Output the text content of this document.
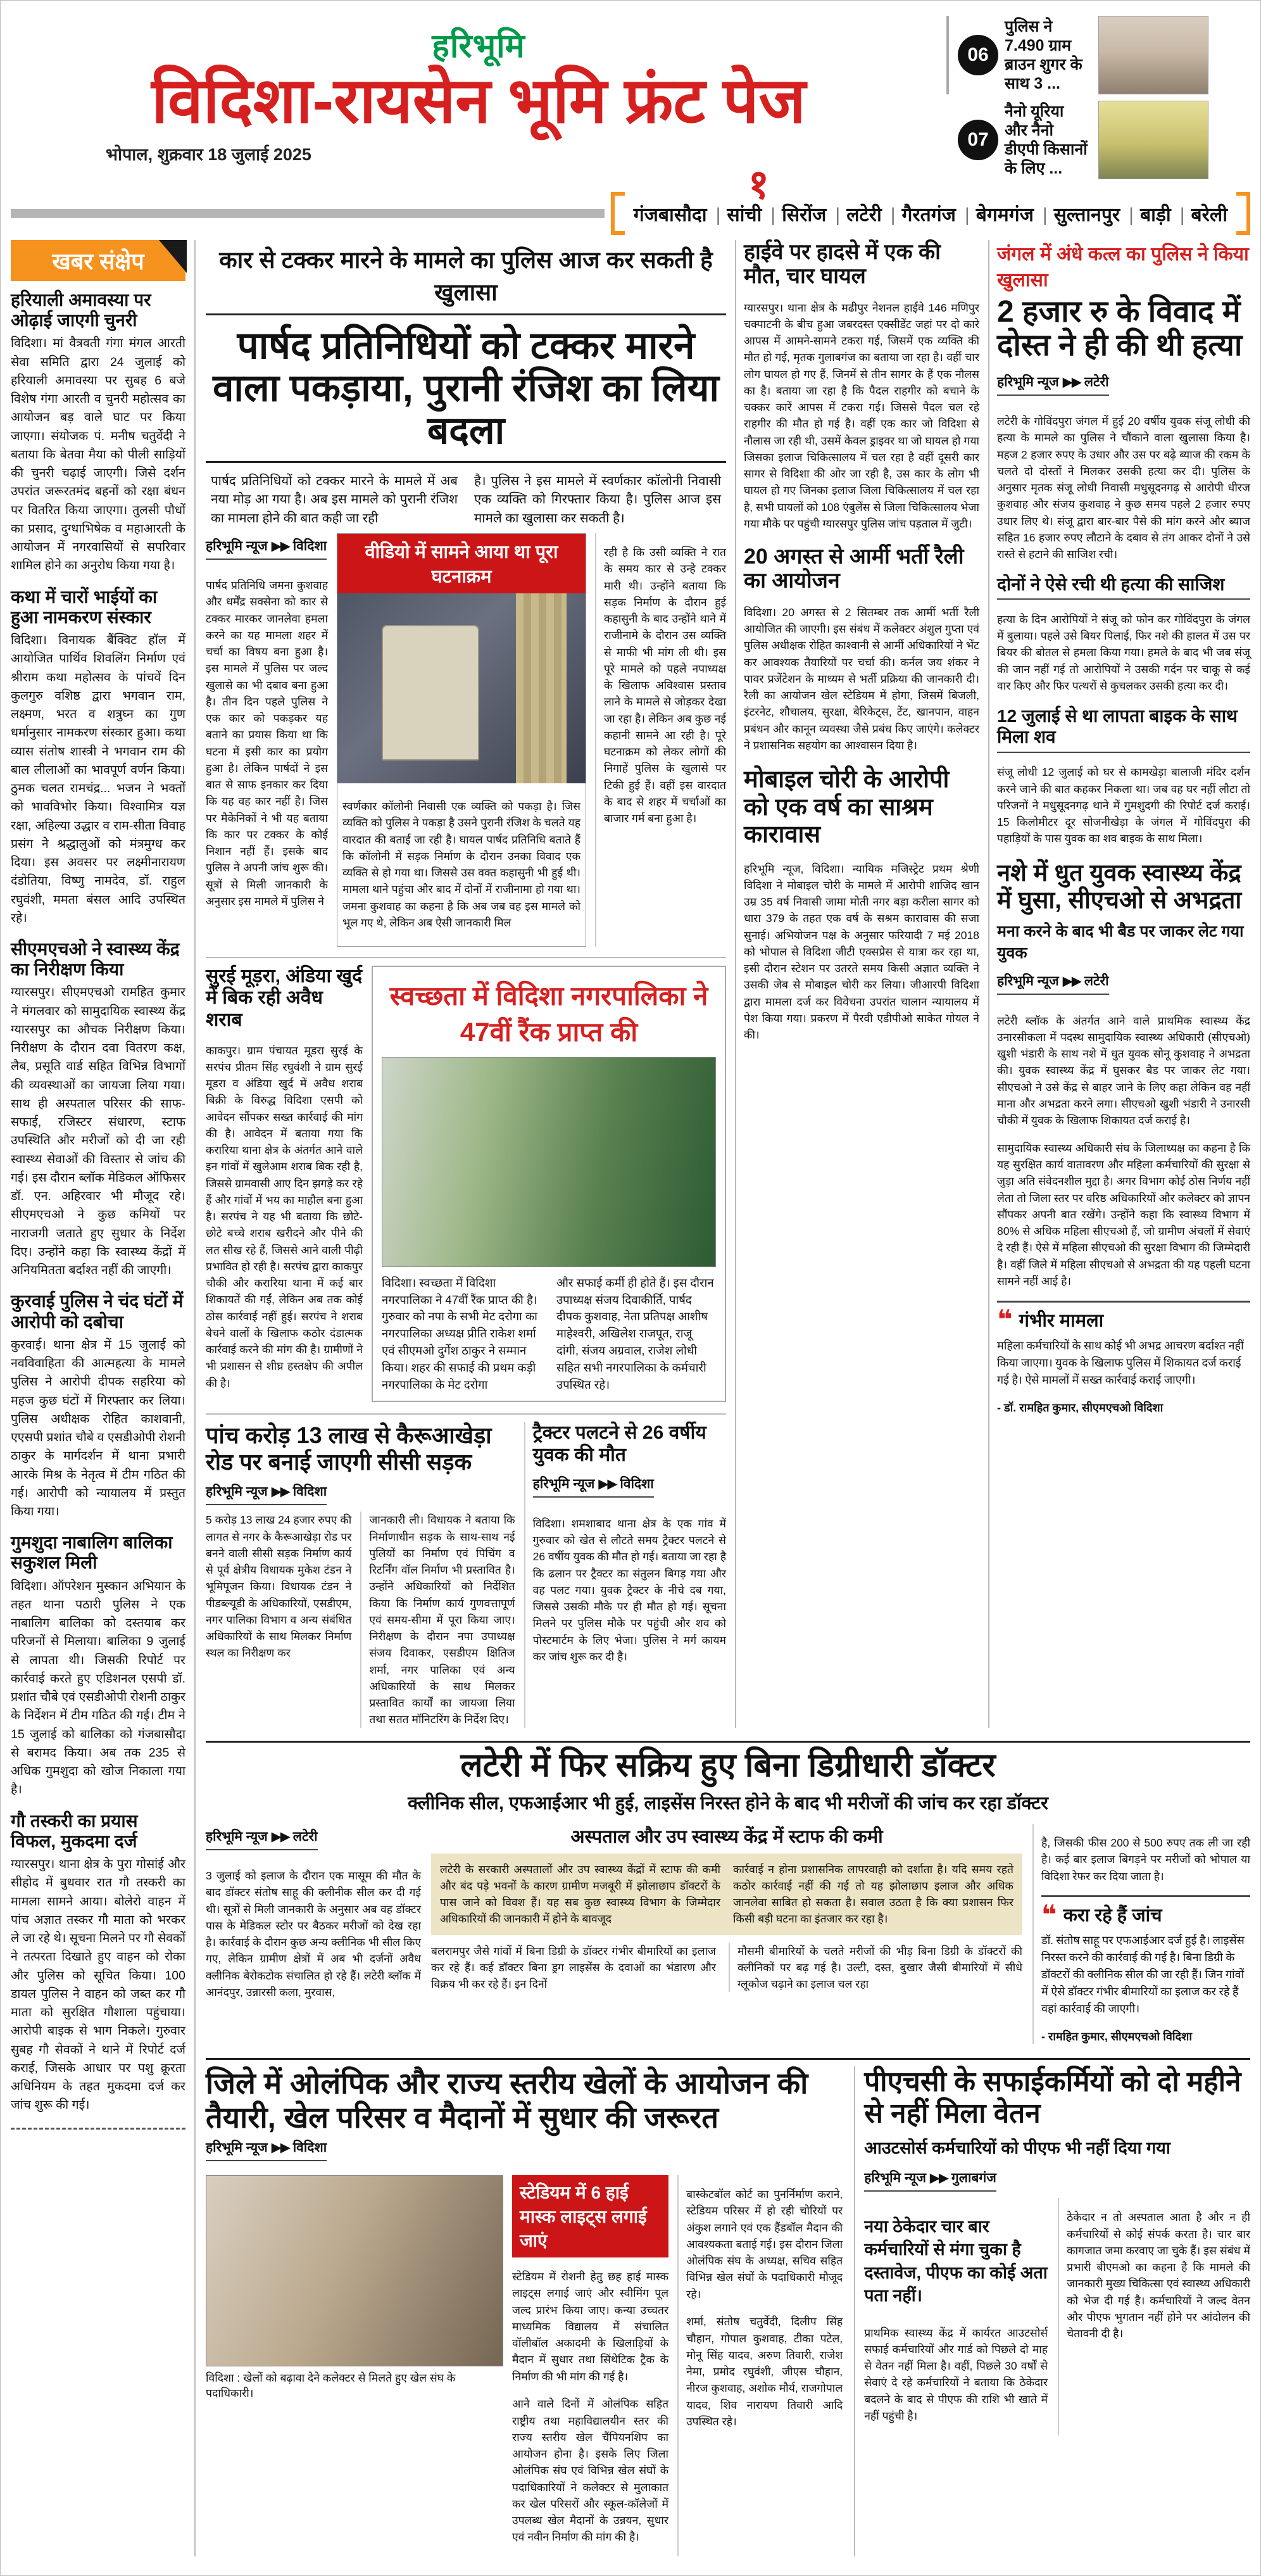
हरिभूमि
विदिशा-रायसेन भूमि फ्रंट पेज
भोपाल, शुक्रवार 18 जुलाई 2025
06
पुलिस ने 7.490 ग्राम ब्राउन शुगर के साथ 3 ...
07
नैनो यूरिया और नैनो डीएपी किसानों के लिए ...
१
गंजबासौदा	| सांची	| सिरोंज	| लटेरी	| गैरतगंज	| बेगमगंज	| सुल्तानपुर	| बाड़ी	| बरेली
खबर संक्षेप
हरियाली अमावस्या पर ओढ़ाई जाएगी चुनरी
विदिशा। मां वैत्रवती गंगा मंगल आरती सेवा समिति द्वारा 24 जुलाई को हरियाली अमावस्या पर सुबह 6 बजे विशेष गंगा आरती व चुनरी महोत्सव का आयोजन बड़ वाले घाट पर किया जाएगा। संयोजक पं. मनीष चतुर्वेदी ने बताया कि बेतवा मैया को पीली साड़ियों की चुनरी चढ़ाई जाएगी। जिसे दर्शन उपरांत जरूरतमंद बहनों को रक्षा बंधन पर वितरित किया जाएगा। तुलसी पौधों का प्रसाद, दुग्धाभिषेक व महाआरती के आयोजन में नगरवासियों से सपरिवार शामिल होने का अनुरोध किया गया है।
कथा में चारों भाईयों का हुआ नामकरण संस्कार
विदिशा। विनायक बैंक्विट हॉल में आयोजित पार्थिव शिवलिंग निर्माण एवं श्रीराम कथा महोत्सव के पांचवें दिन कुलगुरु वशिष्ठ द्वारा भगवान राम, लक्ष्मण, भरत व शत्रुघ्न का गुण धर्मानुसार नामकरण संस्कार हुआ। कथा व्यास संतोष शास्त्री ने भगवान राम की बाल लीलाओं का भावपूर्ण वर्णन किया। ठुमक चलत रामचंद्र... भजन ने भक्तों को भावविभोर किया। विश्वामित्र यज्ञ रक्षा, अहिल्या उद्धार व राम-सीता विवाह प्रसंग ने श्रद्धालुओं को मंत्रमुग्ध कर दिया। इस अवसर पर लक्ष्मीनारायण दंडोतिया, विष्णु नामदेव, डॉ. राहुल रघुवंशी, ममता बंसल आदि उपस्थित रहे।
सीएमएचओ ने स्वास्थ्य केंद्र का निरीक्षण किया
ग्यारसपुर। सीएमएचओ रामहित कुमार ने मंगलवार को सामुदायिक स्वास्थ्य केंद्र ग्यारसपुर का औचक निरीक्षण किया। निरीक्षण के दौरान दवा वितरण कक्ष, लैब, प्रसूति वार्ड सहित विभिन्न विभागों की व्यवस्थाओं का जायजा लिया गया। साथ ही अस्पताल परिसर की साफ-सफाई, रजिस्टर संधारण, स्टाफ उपस्थिति और मरीजों को दी जा रही स्वास्थ्य सेवाओं की विस्तार से जांच की गई। इस दौरान ब्लॉक मेडिकल ऑफिसर डॉ. एन. अहिरवार भी मौजूद रहे। सीएमएचओ ने कुछ कमियों पर नाराजगी जताते हुए सुधार के निर्देश दिए। उन्होंने कहा कि स्वास्थ्य केंद्रों में अनियमितता बर्दाश्त नहीं की जाएगी।
कुरवाई पुलिस ने चंद घंटों में आरोपी को दबोचा
कुरवाई। थाना क्षेत्र में 15 जुलाई को नवविवाहिता की आत्महत्या के मामले पुलिस ने आरोपी दीपक सहरिया को महज कुछ घंटों में गिरफ्तार कर लिया। पुलिस अधीक्षक रोहित काशवानी, एएसपी प्रशांत चौबे व एसडीओपी रोशनी ठाकुर के मार्गदर्शन में थाना प्रभारी आरके मिश्र के नेतृत्व में टीम गठित की गई। आरोपी को न्यायालय में प्रस्तुत किया गया।
गुमशुदा नाबालिग बालिका सकुशल मिली
विदिशा। ऑपरेशन मुस्कान अभियान के तहत थाना पठारी पुलिस ने एक नाबालिग बालिका को दस्तयाब कर परिजनों से मिलाया। बालिका 9 जुलाई से लापता थी। जिसकी रिपोर्ट पर कार्रवाई करते हुए एडिशनल एसपी डॉ. प्रशांत चौबे एवं एसडीओपी रोशनी ठाकुर के निर्देशन में टीम गठित की गई। टीम ने 15 जुलाई को बालिका को गंजबासौदा से बरामद किया। अब तक 235 से अधिक गुमशुदा को खोज निकाला गया है।
गौ तस्करी का प्रयास विफल, मुकदमा दर्ज
ग्यारसपुर। थाना क्षेत्र के पुरा गोसांई और सीहोद में बुधवार रात गौ तस्करी का मामला सामने आया। बोलेरो वाहन में पांच अज्ञात तस्कर गौ माता को भरकर ले जा रहे थे। सूचना मिलने पर गौ सेवकों ने तत्परता दिखाते हुए वाहन को रोका और पुलिस को सूचित किया। 100 डायल पुलिस ने वाहन को जब्त कर गौ माता को सुरक्षित गौशाला पहुंचाया। आरोपी बाइक से भाग निकले। गुरुवार सुबह गौ सेवकों ने थाने में रिपोर्ट दर्ज कराई, जिसके आधार पर पशु क्रूरता अधिनियम के तहत मुकदमा दर्ज कर जांच शुरू की गई।
कार से टक्कर मारने के मामले का पुलिस आज कर सकती है खुलासा
पार्षद प्रतिनिधियों को टक्कर मारने वाला पकड़ाया, पुरानी रंजिश का लिया बदला
पार्षद प्रतिनिधियों को टक्कर मारने के मामले में अब नया मोड़ आ गया है। अब इस मामले को पुरानी रंजिश का मामला होने की बात कही जा रही
है। पुलिस ने इस मामले में स्वर्णकार कॉलोनी निवासी एक व्यक्ति को गिरफ्तार किया है। पुलिस आज इस मामले का खुलासा कर सकती है।
हरिभूमि न्यूज ▶▶ विदिशा

पार्षद प्रतिनिधि जमना कुशवाह और धर्मेंद्र सक्सेना को कार से टक्कर मारकर जानलेवा हमला करने का यह मामला शहर में चर्चा का विषय बना हुआ है। इस मामले में पुलिस पर जल्द खुलासे का भी दबाव बना हुआ है। तीन दिन पहले पुलिस ने एक कार को पकड़कर यह बताने का प्रयास किया था कि घटना में इसी कार का प्रयोग हुआ है। लेकिन पार्षदों ने इस बात से साफ इनकार कर दिया कि यह वह कार नहीं है। जिस पर मैकेनिकों ने भी यह बताया कि कार पर टक्कर के कोई निशान नहीं हैं। इसके बाद पुलिस ने अपनी जांच शुरू की। सूत्रों से मिली जानकारी के अनुसार इस मामले में पुलिस ने

वीडियो में सामने आया था पूरा घटनाक्रम

स्वर्णकार कॉलोनी निवासी एक व्यक्ति को पकड़ा है। जिस व्यक्ति को पुलिस ने पकड़ा है उसने पुरानी रंजिश के चलते यह वारदात की बताई जा रही है। घायल पार्षद प्रतिनिधि बताते हैं कि कॉलोनी में सड़क निर्माण के दौरान उनका विवाद एक व्यक्ति से हो गया था। जिससे उस वक्त कहासुनी भी हुई थी। मामला थाने पहुंचा और बाद में दोनों में राजीनामा हो गया था। जमना कुशवाह का कहना है कि अब जब वह इस मामले को भूल गए थे, लेकिन अब ऐसी जानकारी मिल

रही है कि उसी व्यक्ति ने रात के समय कार से उन्हे टक्कर मारी थी। उन्होंने बताया कि सड़क निर्माण के दौरान हुई कहासुनी के बाद उन्होंने थाने में राजीनामे के दौरान उस व्यक्ति से माफी भी मांग ली थी। इस पूरे मामले को पहले नपाध्यक्ष के खिलाफ अविश्वास प्रस्ताव लाने के मामले से जोड़कर देखा जा रहा है। लेकिन अब कुछ नई कहानी सामने आ रही है। पूरे घटनाक्रम को लेकर लोगों की निगाहें पुलिस के खुलासे पर टिकी हुई हैं। वहीं इस वारदात के बाद से शहर में चर्चाओं का बाजार गर्म बना हुआ है।

सुरई मूड़रा, अंडिया खुर्द में बिक रही अवैध शराब

काकपुर। ग्राम पंचायत मूडरा सुरई के सरपंच प्रीतम सिंह रघुवंशी ने ग्राम सुरई मूडरा व अंडिया खुर्द में अवैध शराब बिक्री के विरुद्ध विदिशा एसपी को आवेदन सौंपकर सख्त कार्रवाई की मांग की है। आवेदन में बताया गया कि करारिया थाना क्षेत्र के अंतर्गत आने वाले इन गांवों में खुलेआम शराब बिक रही है, जिससे ग्रामवासी आए दिन झगड़े कर रहे हैं और गांवों में भय का माहौल बना हुआ है। सरपंच ने यह भी बताया कि छोटे-छोटे बच्चे शराब खरीदने और पीने की लत सीख रहे हैं, जिससे आने वाली पीढ़ी प्रभावित हो रही है। सरपंच द्वारा काकपुर चौकी और करारिया थाना में कई बार शिकायतें की गईं, लेकिन अब तक कोई ठोस कार्रवाई नहीं हुई। सरपंच ने शराब बेचने वालों के खिलाफ कठोर दंडात्मक कार्रवाई करने की मांग की है। ग्रामीणों ने भी प्रशासन से शीघ्र हस्तक्षेप की अपील की है।

स्वच्छता में विदिशा नगरपालिका ने 47वीं रैंक प्राप्त की
विदिशा। स्वच्छता में विदिशा नगरपालिका ने 47वीं रैंक प्राप्त की है। गुरुवार को नपा के सभी मेट दरोगा का नगरपालिका अध्यक्ष प्रीति राकेश शर्मा एवं सीएमओ दुर्गेश ठाकुर ने सम्मान किया। शहर की सफाई की प्रथम कड़ी नगरपालिका के मेट दरोगा
और सफाई कर्मी ही होते हैं। इस दौरान उपाध्यक्ष संजय दिवाकीर्ति, पार्षद दीपक कुशवाह, नेता प्रतिपक्ष आशीष माहेश्वरी, अखिलेश राजपूत, राजू दांगी, संजय अग्रवाल, राजेश लोधी सहित सभी नगरपालिका के कर्मचारी उपस्थित रहे।
पांच करोड़ 13 लाख से कैरूआखेड़ा रोड पर बनाई जाएगी सीसी सड़क
हरिभूमि न्यूज ▶▶ विदिशा
5 करोड़ 13 लाख 24 हजार रुपए की लागत से नगर के कैरूआखेड़ा रोड पर बनने वाली सीसी सड़क निर्माण कार्य से पूर्व क्षेत्रीय विधायक मुकेश टंडन ने भूमिपूजन किया। विधायक टंडन ने पीडब्ल्यूडी के अधिकारियों, एसडीएम, नगर पालिका विभाग व अन्य संबंधित अधिकारियों के साथ मिलकर निर्माण स्थल का निरीक्षण कर
जानकारी ली। विधायक ने बताया कि निर्माणाधीन सड़क के साथ-साथ नई पुलियों का निर्माण एवं पिचिंग व रिटर्निंग वॉल निर्माण भी प्रस्तावित है। उन्होंने अधिकारियों को निर्देशित किया कि निर्माण कार्य गुणवत्तापूर्ण एवं समय-सीमा में पूरा किया जाए। निरीक्षण के दौरान नपा उपाध्यक्ष संजय दिवाकर, एसडीएम क्षितिज शर्मा, नगर पालिका एवं अन्य अधिकारियों के साथ मिलकर प्रस्तावित कार्यों का जायजा लिया तथा सतत मॉनिटरिंग के निर्देश दिए।
ट्रैक्टर पलटने से 26 वर्षीय युवक की मौत
हरिभूमि न्यूज ▶▶ विदिशा

विदिशा। शमशाबाद थाना क्षेत्र के एक गांव में गुरुवार को खेत से लौटते समय ट्रैक्टर पलटने से 26 वर्षीय युवक की मौत हो गई। बताया जा रहा है कि ढलान पर ट्रैक्टर का संतुलन बिगड़ गया और वह पलट गया। युवक ट्रैक्टर के नीचे दब गया, जिससे उसकी मौके पर ही मौत हो गई। सूचना मिलने पर पुलिस मौके पर पहुंची और शव को पोस्टमार्टम के लिए भेजा। पुलिस ने मर्ग कायम कर जांच शुरू कर दी है।

हाईवे पर हादसे में एक की मौत, चार घायल

ग्यारसपुर। थाना क्षेत्र के मढीपुर नेशनल हाईवे 146 मणिपुर चक्पाटनी के बीच हुआ जबरदस्त एक्सीडेंट जहां पर दो कारे आपस में आमने-सामने टकरा गई, जिसमें एक व्यक्ति की मौत हो गई, मृतक गुलाबगंज का बताया जा रहा है। वहीं चार लोग घायल हो गए हैं, जिनमें से तीन सागर के हैं एक नौलस का है। बताया जा रहा है कि पैदल राहगीर को बचाने के चक्कर कारें आपस में टकरा गई। जिससे पैदल चल रहे राहगीर की मौत हो गई है। वहीं एक कार जो विदिशा से नौलास जा रही थी, उसमें केवल ड्राइवर था जो घायल हो गया जिसका इलाज चिकित्सालय में चल रहा है वहीं दूसरी कार सागर से विदिशा की ओर जा रही है, उस कार के लोग भी घायल हो गए जिनका इलाज जिला चिकित्सालय में चल रहा है, सभी घायलों को 108 एंबुलेंस से जिला चिकित्सालय भेजा गया मौके पर पहुंची ग्यारसपुर पुलिस जांच पड़ताल में जुटी।

20 अगस्त से आर्मी भर्ती रैली का आयोजन

विदिशा। 20 अगस्त से 2 सितम्बर तक आर्मी भर्ती रैली आयोजित की जाएगी। इस संबंध में कलेक्टर अंशुल गुप्ता एवं पुलिस अधीक्षक रोहित काश्वानी से आर्मी अधिकारियों ने भेंट कर आवश्यक तैयारियों पर चर्चा की। कर्नल जय शंकर ने पावर प्रजेंटेशन के माध्यम से भर्ती प्रक्रिया की जानकारी दी। रैली का आयोजन खेल स्टेडियम में होगा, जिसमें बिजली, इंटरनेट, शौचालय, सुरक्षा, बेरिकेट्स, टेंट, खानपान, वाहन प्रबंधन और कानून व्यवस्था जैसे प्रबंध किए जाएंगे। कलेक्टर ने प्रशासनिक सहयोग का आश्वासन दिया है।

मोबाइल चोरी के आरोपी को एक वर्ष का साश्रम कारावास

हरिभूमि न्यूज, विदिशा। न्यायिक मजिस्ट्रेट प्रथम श्रेणी विदिशा ने मोबाइल चोरी के मामले में आरोपी शाजिद खान उम्र 35 वर्ष निवासी जामा मोती नगर बड़ा करीला सागर को धारा 379 के तहत एक वर्ष के सश्रम कारावास की सजा सुनाई। अभियोजन पक्ष के अनुसार फरियादी 7 मई 2018 को भोपाल से विदिशा जीटी एक्सप्रेस से यात्रा कर रहा था, इसी दौरान स्टेशन पर उतरते समय किसी अज्ञात व्यक्ति ने उसकी जेब से मोबाइल चोरी कर लिया। जीआरपी विदिशा द्वारा मामला दर्ज कर विवेचना उपरांत चालान न्यायालय में पेश किया गया। प्रकरण में पैरवी एडीपीओ साकेत गोयल ने की।

जंगल में अंधे कत्ल का पुलिस ने किया खुलासा
2 हजार रु के विवाद में दोस्त ने ही की थी हत्या
हरिभूमि न्यूज ▶▶ लटेरी

लटेरी के गोविंदपुरा जंगल में हुई 20 वर्षीय युवक संजू लोधी की हत्या के मामले का पुलिस ने चौंकाने वाला खुलासा किया है। महज 2 हजार रुपए के उधार और उस पर बढ़े ब्याज की रकम के चलते दो दोस्तों ने मिलकर उसकी हत्या कर दी। पुलिस के अनुसार मृतक संजू लोधी निवासी मधुसूदनगढ़ से आरोपी धीरज कुशवाह और संजय कुशवाह ने कुछ समय पहले 2 हजार रुपए उधार लिए थे। संजू द्वारा बार-बार पैसे की मांग करने और ब्याज सहित 16 हजार रुपए लौटाने के दबाव से तंग आकर दोनों ने उसे रास्ते से हटाने की साजिश रची।

दोनों ने ऐसे रची थी हत्या की साजिश

हत्या के दिन आरोपियों ने संजू को फोन कर गोविंदपुरा के जंगल में बुलाया। पहले उसे बियर पिलाई, फिर नशे की हालत में उस पर बियर की बोतल से हमला किया गया। हमले के बाद भी जब संजू की जान नहीं गई तो आरोपियों ने उसकी गर्दन पर चाकू से कई वार किए और फिर पत्थरों से कुचलकर उसकी हत्या कर दी।

12 जुलाई से था लापता बाइक के साथ मिला शव

संजू लोधी 12 जुलाई को घर से कामखेड़ा बालाजी मंदिर दर्शन करने जाने की बात कहकर निकला था। जब वह घर नहीं लौटा तो परिजनों ने मधुसूदनगढ़ थाने में गुमशुदगी की रिपोर्ट दर्ज कराई। 15 किलोमीटर दूर सोजनीखेड़ा के जंगल में गोविंदपुरा की पहाड़ियों के पास युवक का शव बाइक के साथ मिला।

नशे में धुत युवक स्वास्थ्य केंद्र में घुसा, सीएचओ से अभद्रता
मना करने के बाद भी बैड पर जाकर लेट गया युवक
हरिभूमि न्यूज ▶▶ लटेरी

लटेरी ब्लॉक के अंतर्गत आने वाले प्राथमिक स्वास्थ्य केंद्र उनारसीकला में पदस्थ सामुदायिक स्वास्थ्य अधिकारी (सीएचओ) खुशी भंडारी के साथ नशे में धुत युवक सोनू कुशवाह ने अभद्रता की। युवक स्वास्थ्य केंद्र में घुसकर बैड पर जाकर लेट गया। सीएचओ ने उसे केंद्र से बाहर जाने के लिए कहा लेकिन वह नहीं माना और अभद्रता करने लगा। सीएचओ खुशी भंडारी ने उनारसी चौकी में युवक के खिलाफ शिकायत दर्ज कराई है।

सामुदायिक स्वास्थ्य अधिकारी संघ के जिलाध्यक्ष का कहना है कि यह सुरक्षित कार्य वातावरण और महिला कर्मचारियों की सुरक्षा से जुड़ा अति संवेदनशील मुद्दा है। अगर विभाग कोई ठोस निर्णय नहीं लेता तो जिला स्तर पर वरिष्ठ अधिकारियों और कलेक्टर को ज्ञापन सौंपकर अपनी बात रखेंगे। उन्होंने कहा कि स्वास्थ्य विभाग में 80% से अधिक महिला सीएचओ हैं, जो ग्रामीण अंचलों में सेवाएं दे रही हैं। ऐसे में महिला सीएचओ की सुरक्षा विभाग की जिम्मेदारी है। वहीं जिले में महिला सीएचओ से अभद्रता की यह पहली घटना सामने नहीं आई है।

❝ गंभीर मामला

महिला कर्मचारियों के साथ कोई भी अभद्र आचरण बर्दाश्त नहीं किया जाएगा। युवक के खिलाफ पुलिस में शिकायत दर्ज कराई गई है। ऐसे मामलों में सख्त कार्रवाई कराई जाएगी।

- डॉ. रामहित कुमार, सीएमएचओ विदिशा
लटेरी में फिर सक्रिय हुए बिना डिग्रीधारी डॉक्टर
क्लीनिक सील, एफआईआर भी हुई, लाइसेंस निरस्त होने के बाद भी मरीजों की जांच कर रहा डॉक्टर
हरिभूमि न्यूज ▶▶ लटेरी

3 जुलाई को इलाज के दौरान एक मासूम की मौत के बाद डॉक्टर संतोष साहू की क्लीनीक सील कर दी गई थी। सूत्रों से मिली जानकारी के अनुसार अब वह डॉक्टर पास के मेडिकल स्टोर पर बैठकर मरीजों को देख रहा है। कार्रवाई के दौरान कुछ अन्य क्लीनिक भी सील किए गए, लेकिन ग्रामीण क्षेत्रों में अब भी दर्जनों अवैध क्लीनिक बेरोकटोक संचालित हो रहे हैं। लटेरी ब्लॉक में आनंदपुर, उन्नारसी कला, मुरवास,

अस्पताल और उप स्वास्थ्य केंद्र में स्टाफ की कमी
लटेरी के सरकारी अस्पतालों और उप स्वास्थ्य केंद्रों में स्टाफ की कमी और बंद पड़े भवनों के कारण ग्रामीण मजबूरी में झोलाछाप डॉक्टरों के पास जाने को विवश हैं। यह सब कुछ स्वास्थ्य विभाग के जिम्मेदार अधिकारियों की जानकारी में होने के बावजूद
कार्रवाई न होना प्रशासनिक लापरवाही को दर्शाता है। यदि समय रहते कठोर कार्रवाई नहीं की गई तो यह झोलाछाप इलाज और अधिक जानलेवा साबित हो सकता है। सवाल उठता है कि क्या प्रशासन फिर किसी बड़ी घटना का इंतजार कर रहा है।
बलरामपुर जैसे गांवों में बिना डिग्री के डॉक्टर गंभीर बीमारियों का इलाज कर रहे हैं। कई डॉक्टर बिना ड्रग लाइसेंस के दवाओं का भंडारण और विक्रय भी कर रहे हैं। इन दिनों
मौसमी बीमारियों के चलते मरीजों की भीड़ बिना डिग्री के डॉक्टरों की क्लीनिकों पर बढ़ गई है। उल्टी, दस्त, बुखार जैसी बीमारियों में सीधे ग्लूकोज चढ़ाने का इलाज चल रहा

है, जिसकी फीस 200 से 500 रुपए तक ली जा रही है। कई बार इलाज बिगड़ने पर मरीजों को भोपाल या विदिशा रेफर कर दिया जाता है।

❝ करा रहे हैं जांच

डॉ. संतोष साहू पर एफआईआर दर्ज हुई है। लाइसेंस निरस्त करने की कार्रवाई की गई है। बिना डिग्री के डॉक्टरों की क्लीनिक सील की जा रही हैं। जिन गांवों में ऐसे डॉक्टर गंभीर बीमारियों का इलाज कर रहे हैं वहां कार्रवाई की जाएगी।

- रामहित कुमार, सीएमएचओ विदिशा
जिले में ओलंपिक और राज्य स्तरीय खेलों के आयोजन की तैयारी, खेल परिसर व मैदानों में सुधार की जरूरत
हरिभूमि न्यूज ▶▶ विदिशा
विदिशा : खेलों को बढ़ावा देने कलेक्टर से मिलते हुए खेल संघ के पदाधिकारी।
स्टेडियम में 6 हाई मास्क लाइट्स लगाई जाएं

स्टेडियम में रोशनी हेतु छह हाई मास्क लाइट्स लगाई जाएं और स्वीमिंग पूल जल्द प्रारंभ किया जाए। कन्या उच्चतर माध्यमिक विद्यालय में संचालित वॉलीबॉल अकादमी के खिलाड़ियों के मैदान में सुधार तथा सिंथेटिक ट्रैक के निर्माण की भी मांग की गई है।

आने वाले दिनों में ओलंपिक सहित राष्ट्रीय तथा महाविद्यालयीन स्तर की राज्य स्तरीय खेल चैंपियनशिप का आयोजन होना है। इसके लिए जिला ओलंपिक संघ एवं विभिन्न खेल संघों के पदाधिकारियों ने कलेक्टर से मुलाकात कर खेल परिसरों और स्कूल-कॉलेजों में उपलब्ध खेल मैदानों के उन्नयन, सुधार एवं नवीन निर्माण की मांग की है।

बास्केटबॉल कोर्ट का पुनर्निर्माण कराने, स्टेडियम परिसर में हो रही चोरियों पर अंकुश लगाने एवं एक हैंडबॉल मैदान की आवश्यकता बताई गई। इस दौरान जिला ओलंपिक संघ के अध्यक्ष, सचिव सहित विभिन्न खेल संघों के पदाधिकारी मौजूद रहे।

शर्मा, संतोष चतुर्वेदी, दिलीप सिंह चौहान, गोपाल कुशवाह, टीका पटेल, मोनू सिंह यादव, अरुण तिवारी, राजेश नेमा, प्रमोद रघुवंशी, जीएस चौहान, नीरज कुशवाह, अशोक मौर्य, राजगोपाल यादव, शिव नारायण तिवारी आदि उपस्थित रहे।

पीएचसी के सफाईकर्मियों को दो महीने से नहीं मिला वेतन
आउटसोर्स कर्मचारियों को पीएफ भी नहीं दिया गया
हरिभूमि न्यूज ▶▶ गुलाबगंज

नया ठेकेदार चार बार कर्मचारियों से मंगा चुका है दस्तावेज, पीएफ का कोई अता पता नहीं।

प्राथमिक स्वास्थ्य केंद्र में कार्यरत आउटसोर्स सफाई कर्मचारियों और गार्ड को पिछले दो माह से वेतन नहीं मिला है। वहीं, पिछले 30 वर्षों से सेवाएं दे रहे कर्मचारियों ने बताया कि ठेकेदार बदलने के बाद से पीएफ की राशि भी खाते में नहीं पहुंची है।

ठेकेदार न तो अस्पताल आता है और न ही कर्मचारियों से कोई संपर्क करता है। चार बार कागजात जमा करवाए जा चुके हैं। इस संबंध में प्रभारी बीएमओ का कहना है कि मामले की जानकारी मुख्य चिकित्सा एवं स्वास्थ्य अधिकारी को भेज दी गई है। कर्मचारियों ने जल्द वेतन और पीएफ भुगतान नहीं होने पर आंदोलन की चेतावनी दी है।
